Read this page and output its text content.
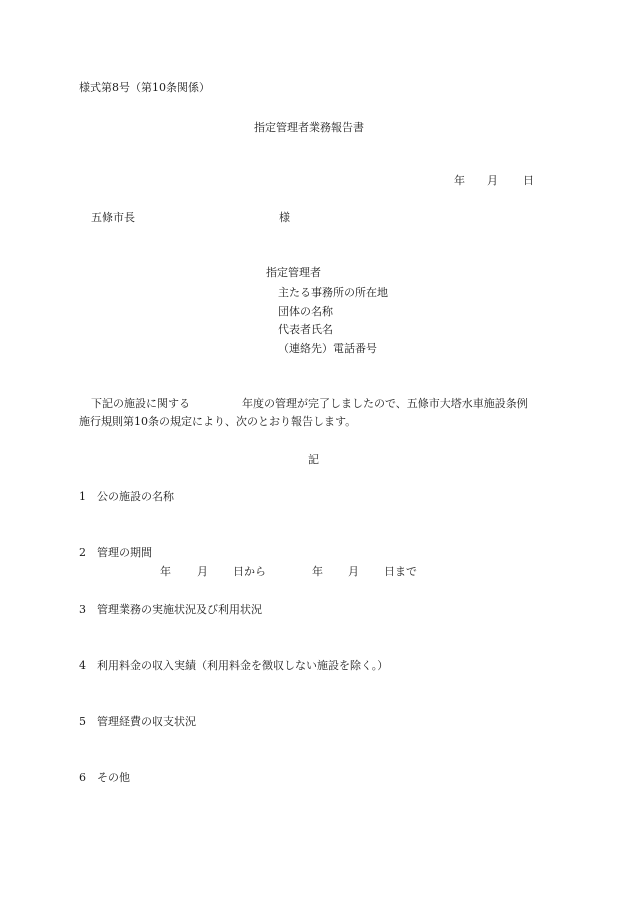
様式第8号（第10条関係）
指定管理者業務報告書
年 月 日
五條市長	様
指定管理者
主たる事務所の所在地
団体の名称
代表者氏名
（連絡先）電話番号
下記の施設に関する	年度の管理が完了しましたので、五條市大塔水車施設条例
施行規則第10条の規定により、次のとおり報告します。
記
1 公の施設の名称
2 管理の期間
年 月 日から	年 月 日まで
3 管理業務の実施状況及び利用状況
4 利用料金の収入実績（利用料金を徴収しない施設を除く。）
5 管理経費の収支状況
6 その他
